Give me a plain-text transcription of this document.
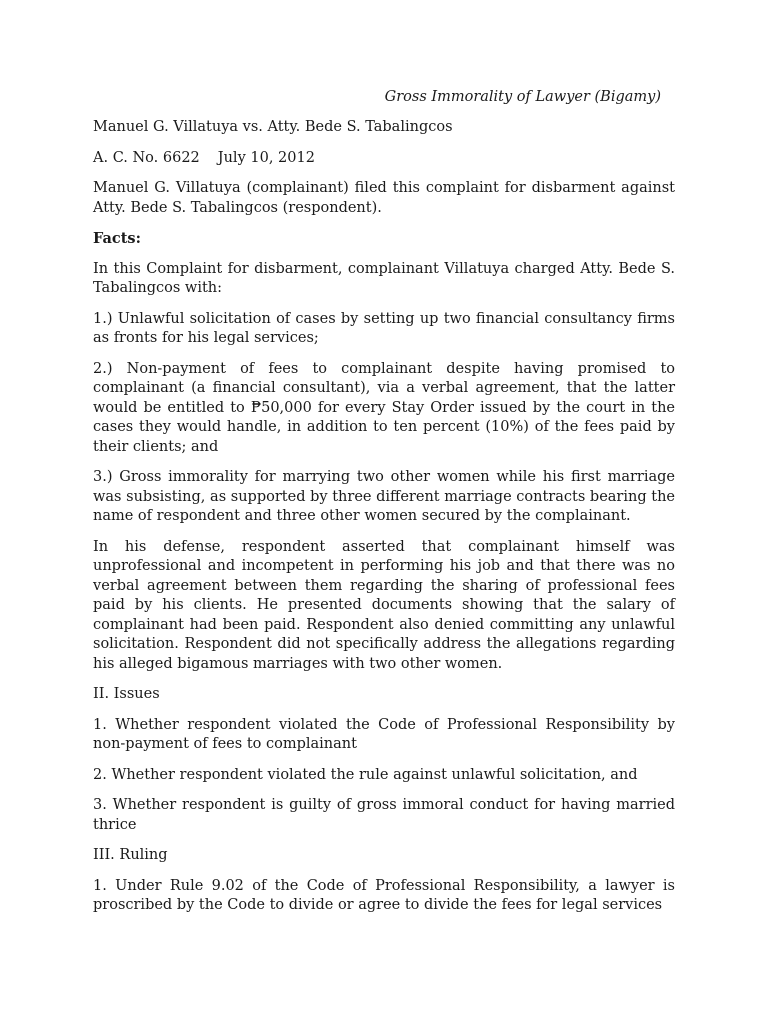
Gross Immorality of Lawyer (Bigamy)

Manuel G. Villatuya vs. Atty. Bede S. Tabalingcos

A. C. No. 6622 July 10, 2012

Manuel G. Villatuya (complainant) filed this complaint for disbarment against Atty. Bede S. Tabalingcos (respondent).

Facts:

In this Complaint for disbarment, complainant Villatuya charged Atty. Bede S. Tabalingcos with:

1.) Unlawful solicitation of cases by setting up two financial consultancy firms as fronts for his legal services;

2.) Non-payment of fees to complainant despite having promised to complainant (a financial consultant), via a verbal agreement, that the latter would be entitled to ₱50,000 for every Stay Order issued by the court in the cases they would handle, in addition to ten percent (10%) of the fees paid by their clients; and

3.) Gross immorality for marrying two other women while his first marriage was subsisting, as supported by three different marriage contracts bearing the name of respondent and three other women secured by the complainant.

In his defense, respondent asserted that complainant himself was unprofessional and incompetent in performing his job and that there was no verbal agreement between them regarding the sharing of professional fees paid by his clients. He presented documents showing that the salary of complainant had been paid. Respondent also denied committing any unlawful solicitation. Respondent did not specifically address the allegations regarding his alleged bigamous marriages with two other women.

II. Issues

1. Whether respondent violated the Code of Professional Responsibility by non-payment of fees to complainant

2. Whether respondent violated the rule against unlawful solicitation, and

3. Whether respondent is guilty of gross immoral conduct for having married thrice

III. Ruling

1. Under Rule 9.02 of the Code of Professional Responsibility, a lawyer is proscribed by the Code to divide or agree to divide the fees for legal services
